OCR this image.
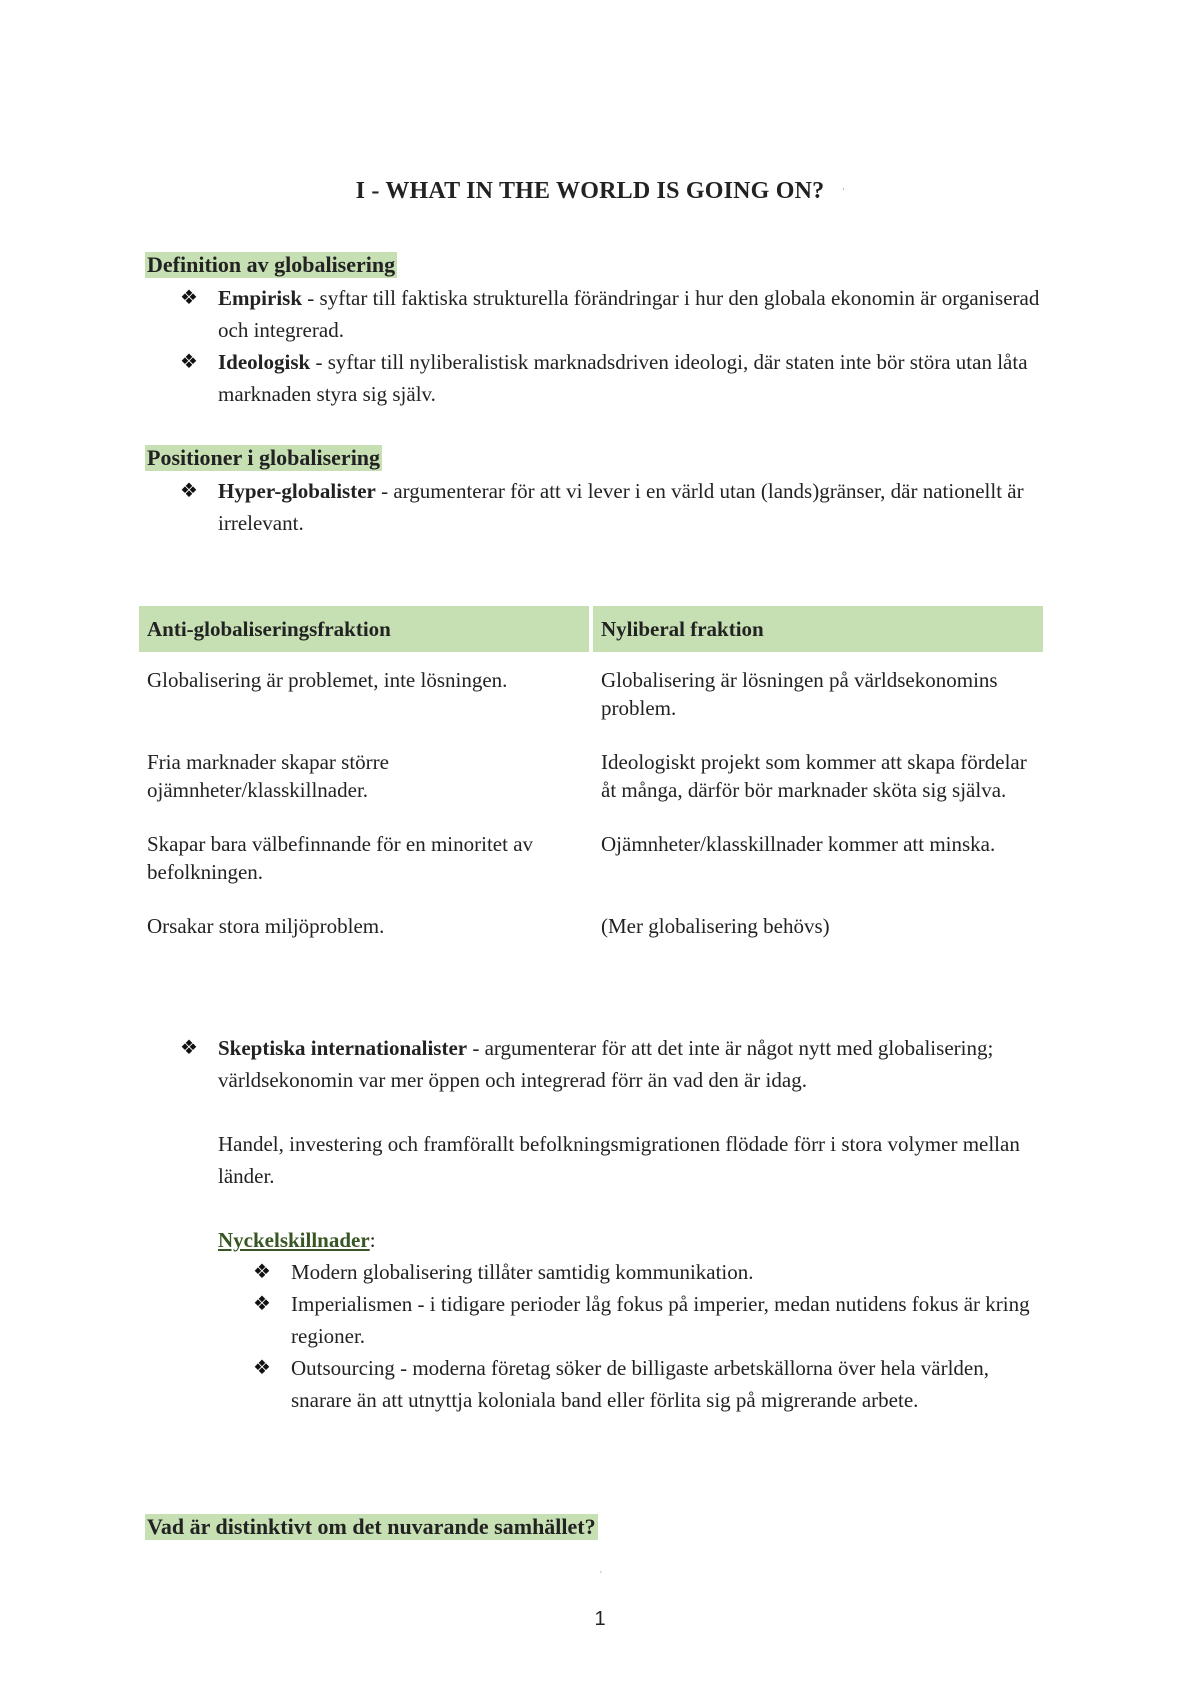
I - WHAT IN THE WORLD IS GOING ON? '
Definition av globalisering
❖ Empirisk - syftar till faktiska strukturella förändringar i hur den globala ekonomin är organiserad och integrerad.
❖ Ideologisk - syftar till nyliberalistisk marknadsdriven ideologi, där staten inte bör störa utan låta marknaden styra sig själv.
Positioner i globalisering
❖ Hyper-globalister - argumenterar för att vi lever i en värld utan (lands)gränser, där nationellt är irrelevant.
Anti-globaliseringsfraktion	Nyliberal fraktion
Globalisering är problemet, inte lösningen.	Globalisering är lösningen på världsekonomins problem.
Fria marknader skapar större ojämnheter/klasskillnader.	Ideologiskt projekt som kommer att skapa fördelar åt många, därför bör marknader sköta sig själva.
Skapar bara välbefinnande för en minoritet av befolkningen.	Ojämnheter/klasskillnader kommer att minska.
Orsakar stora miljöproblem.	(Mer globalisering behövs)
❖ Skeptiska internationalister - argumenterar för att det inte är något nytt med globalisering; världsekonomin var mer öppen och integrerad förr än vad den är idag.
Handel, investering och framförallt befolkningsmigrationen flödade förr i stora volymer mellan länder.
Nyckelskillnader:
❖ Modern globalisering tillåter samtidig kommunikation.
❖ Imperialismen - i tidigare perioder låg fokus på imperier, medan nutidens fokus är kring regioner.
❖ Outsourcing - moderna företag söker de billigaste arbetskällorna över hela världen, snarare än att utnyttja koloniala band eller förlita sig på migrerande arbete.
Vad är distinktivt om det nuvarande samhället?
'
1
